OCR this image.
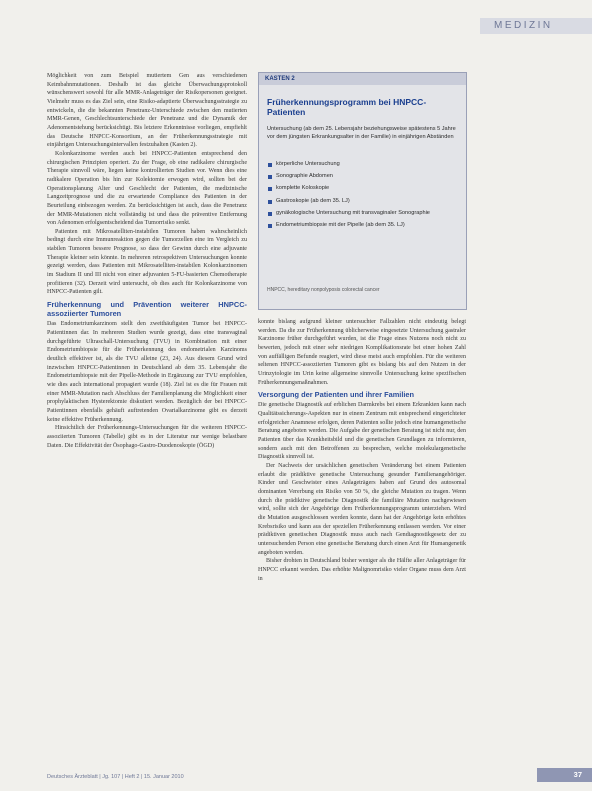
MEDIZIN

Möglichkeit von zum Beispiel mutiertem Gen aus verschiedenen Keimbahnmutationen. Deshalb ist das gleiche Überwachungsprotokoll wünschenswert sowohl für alle MMR-Anlageträger der Risikopersonen geeignet. Vielmehr muss es das Ziel sein, eine Risiko-adaptierte Überwachungsstrategie zu entwickeln, die die bekannten Penetranz-Unterschiede zwischen den mutierten MMR-Genen, Geschlechtsunterschiede der Penetranz und die Dynamik der Adenomentstehung berücksichtigt. Bis letztere Erkenntnisse vorliegen, empfiehlt das Deutsche HNPCC-Konsortium, an der Früherkennungsstrategie mit einjährigen Untersuchungsintervallen festzuhalten (Kasten 2).

Kolonkarzinome werden auch bei HNPCC-Patienten entsprechend den chirurgischen Prinzipien operiert. Zu der Frage, ob eine radikalere chirurgische Therapie sinnvoll wäre, liegen keine kontrollierten Studien vor. Wenn dies eine radikalere Operation bis hin zur Kolektomie erwogen wird, sollten bei der Operationsplanung Alter und Geschlecht der Patienten, die medizinische Langzeitprognose und die zu erwartende Compliance des Patienten in der Beurteilung einbezogen werden. Zu berücksichtigen ist auch, dass die Penetranz der MMR-Mutationen nicht vollständig ist und dass die präventive Entfernung von Adenomen erfolgsentscheidend das Tumorrisiko senkt.

Patienten mit Mikrosatelliten-instabilen Tumoren haben wahrscheinlich bedingt durch eine Immunreaktion gegen die Tumorzellen eine im Vergleich zu stabilen Tumoren bessere Prognose, so dass der Gewinn durch eine adjuvante Therapie kleiner sein könnte. In mehreren retrospektiven Untersuchungen konnte gezeigt werden, dass Patienten mit Mikrosatelliten-instabilen Kolonkarzinomen im Stadium II und III nicht von einer adjuvanten 5-FU-basierten Chemotherapie profitieren (32). Derzeit wird untersucht, ob dies auch für Kolonkarzinome von HNPCC-Patienten gilt.

Früherkennung und Prävention weiterer HNPCC-assoziierter Tumoren

Das Endometriumkarzinom stellt den zweithäufigsten Tumor bei HNPCC-Patientinnen dar. In mehreren Studien wurde gezeigt, dass eine transvaginal durchgeführte Ultraschall-Untersuchung (TVU) in Kombination mit einer Endometriumbiopsie für die Früherkennung des endometrialen Karzinoms deutlich effektiver ist, als die TVU alleine (23, 24). Aus diesem Grund wird inzwischen HNPCC-Patientinnen in Deutschland ab dem 35. Lebensjahr die Endometriumbiopsie mit der Pipelle-Methode in Ergänzung zur TVU empfohlen, wie dies auch international propagiert wurde (18). Ziel ist es die für Frauen mit einer MMR-Mutation nach Abschluss der Familienplanung die Möglichkeit einer prophylaktischen Hysterektomie diskutiert werden. Bezüglich der bei HNPCC-Patientinnen ebenfalls gehäuft auftretenden Ovarialkarzinome gibt es derzeit keine effektive Früherkennung.

Hinsichtlich der Früherkennungs-Untersuchungen für die weiteren HNPCC-assoziierten Tumoren (Tabelle) gibt es in der Literatur nur wenige belastbare Daten. Die Effektivität der Ösophago-Gastro-Duodenoskopie (ÖGD)

KASTEN 2
Früherkennungsprogramm bei HNPCC-Patienten
Untersuchung (ab dem 25. Lebensjahr beziehungsweise spätestens 5 Jahre vor dem jüngsten Erkrankungsalter in der Familie) in einjährigen Abständen
körperliche Untersuchung
Sonographie Abdomen
komplette Koloskopie
Gastroskopie (ab dem 35. LJ)
gynäkologische Untersuchung mit transvaginaler Sonographie
Endometriumbiopsie mit der Pipelle (ab dem 35. LJ)
HNPCC, hereditary nonpolyposis colorectal cancer

konnte bislang aufgrund kleiner untersuchter Fallzahlen nicht eindeutig belegt werden. Da die zur Früherkennung üblicherweise eingesetzte Untersuchung gastraler Karzinome früher durchgeführt wurden, ist die Frage eines Nutzens noch nicht zu bewerten, jedoch mit einer sehr niedrigen Komplikationsrate bei einer hohen Zahl von auffälligen Befunde reagiert, wird diese meist auch empfohlen. Für die weiteren seltenen HNPCC-assoziierten Tumoren gibt es bislang bis auf den Nutzen in der Urinzytologie im Urin keine allgemeine sinnvolle Untersuchung keine spezifischen Früherkennungsmaßnahmen.

Versorgung der Patienten und ihrer Familien

Die genetische Diagnostik auf erblichen Darmkrebs bei einem Erkrankten kann nach Qualitätssicherungs-Aspekten nur in einem Zentrum mit entsprechend eingerichteter erfolgreicher Anamnese erfolgen, deren Patienten sollte jedoch eine humangenetische Beratung angeboten werden. Die Aufgabe der genetischen Beratung ist nicht nur, den Patienten über das Krankheitsbild und die genetischen Grundlagen zu informieren, sondern auch mit den Betroffenen zu besprechen, welche molekulargenetische Diagnostik sinnvoll ist.

Der Nachweis der ursächlichen genetischen Veränderung bei einem Patienten erlaubt die prädiktive genetische Untersuchung gesunder Familienangehöriger. Kinder und Geschwister eines Anlageträgers haben auf Grund des autosomal dominanten Vererbung ein Risiko von 50 %, die gleiche Mutation zu tragen. Wenn durch die prädiktive genetische Diagnostik die familiäre Mutation nachgewiesen wird, sollte sich der Angehörige dem Früherkennungsprogramm unterziehen. Wird die Mutation ausgeschlossen werden konnte, dann hat der Angehörige kein erhöhtes Krebsrisiko und kann aus der speziellen Früherkennung entlassen werden. Vor einer prädiktiven genetischen Diagnostik muss auch nach Gendiagnostikgesetz der zu untersuchenden Person eine genetische Beratung durch einen Arzt für Humangenetik angeboten werden.

Bisher drohten in Deutschland bisher weniger als die Hälfte aller Anlageträger für HNPCC erkannt werden. Das erhöhte Malignomrisiko vieler Organe muss dem Arzt in

Deutsches Ärzteblatt | Jg. 107 | Heft 2 | 15. Januar 2010	37
